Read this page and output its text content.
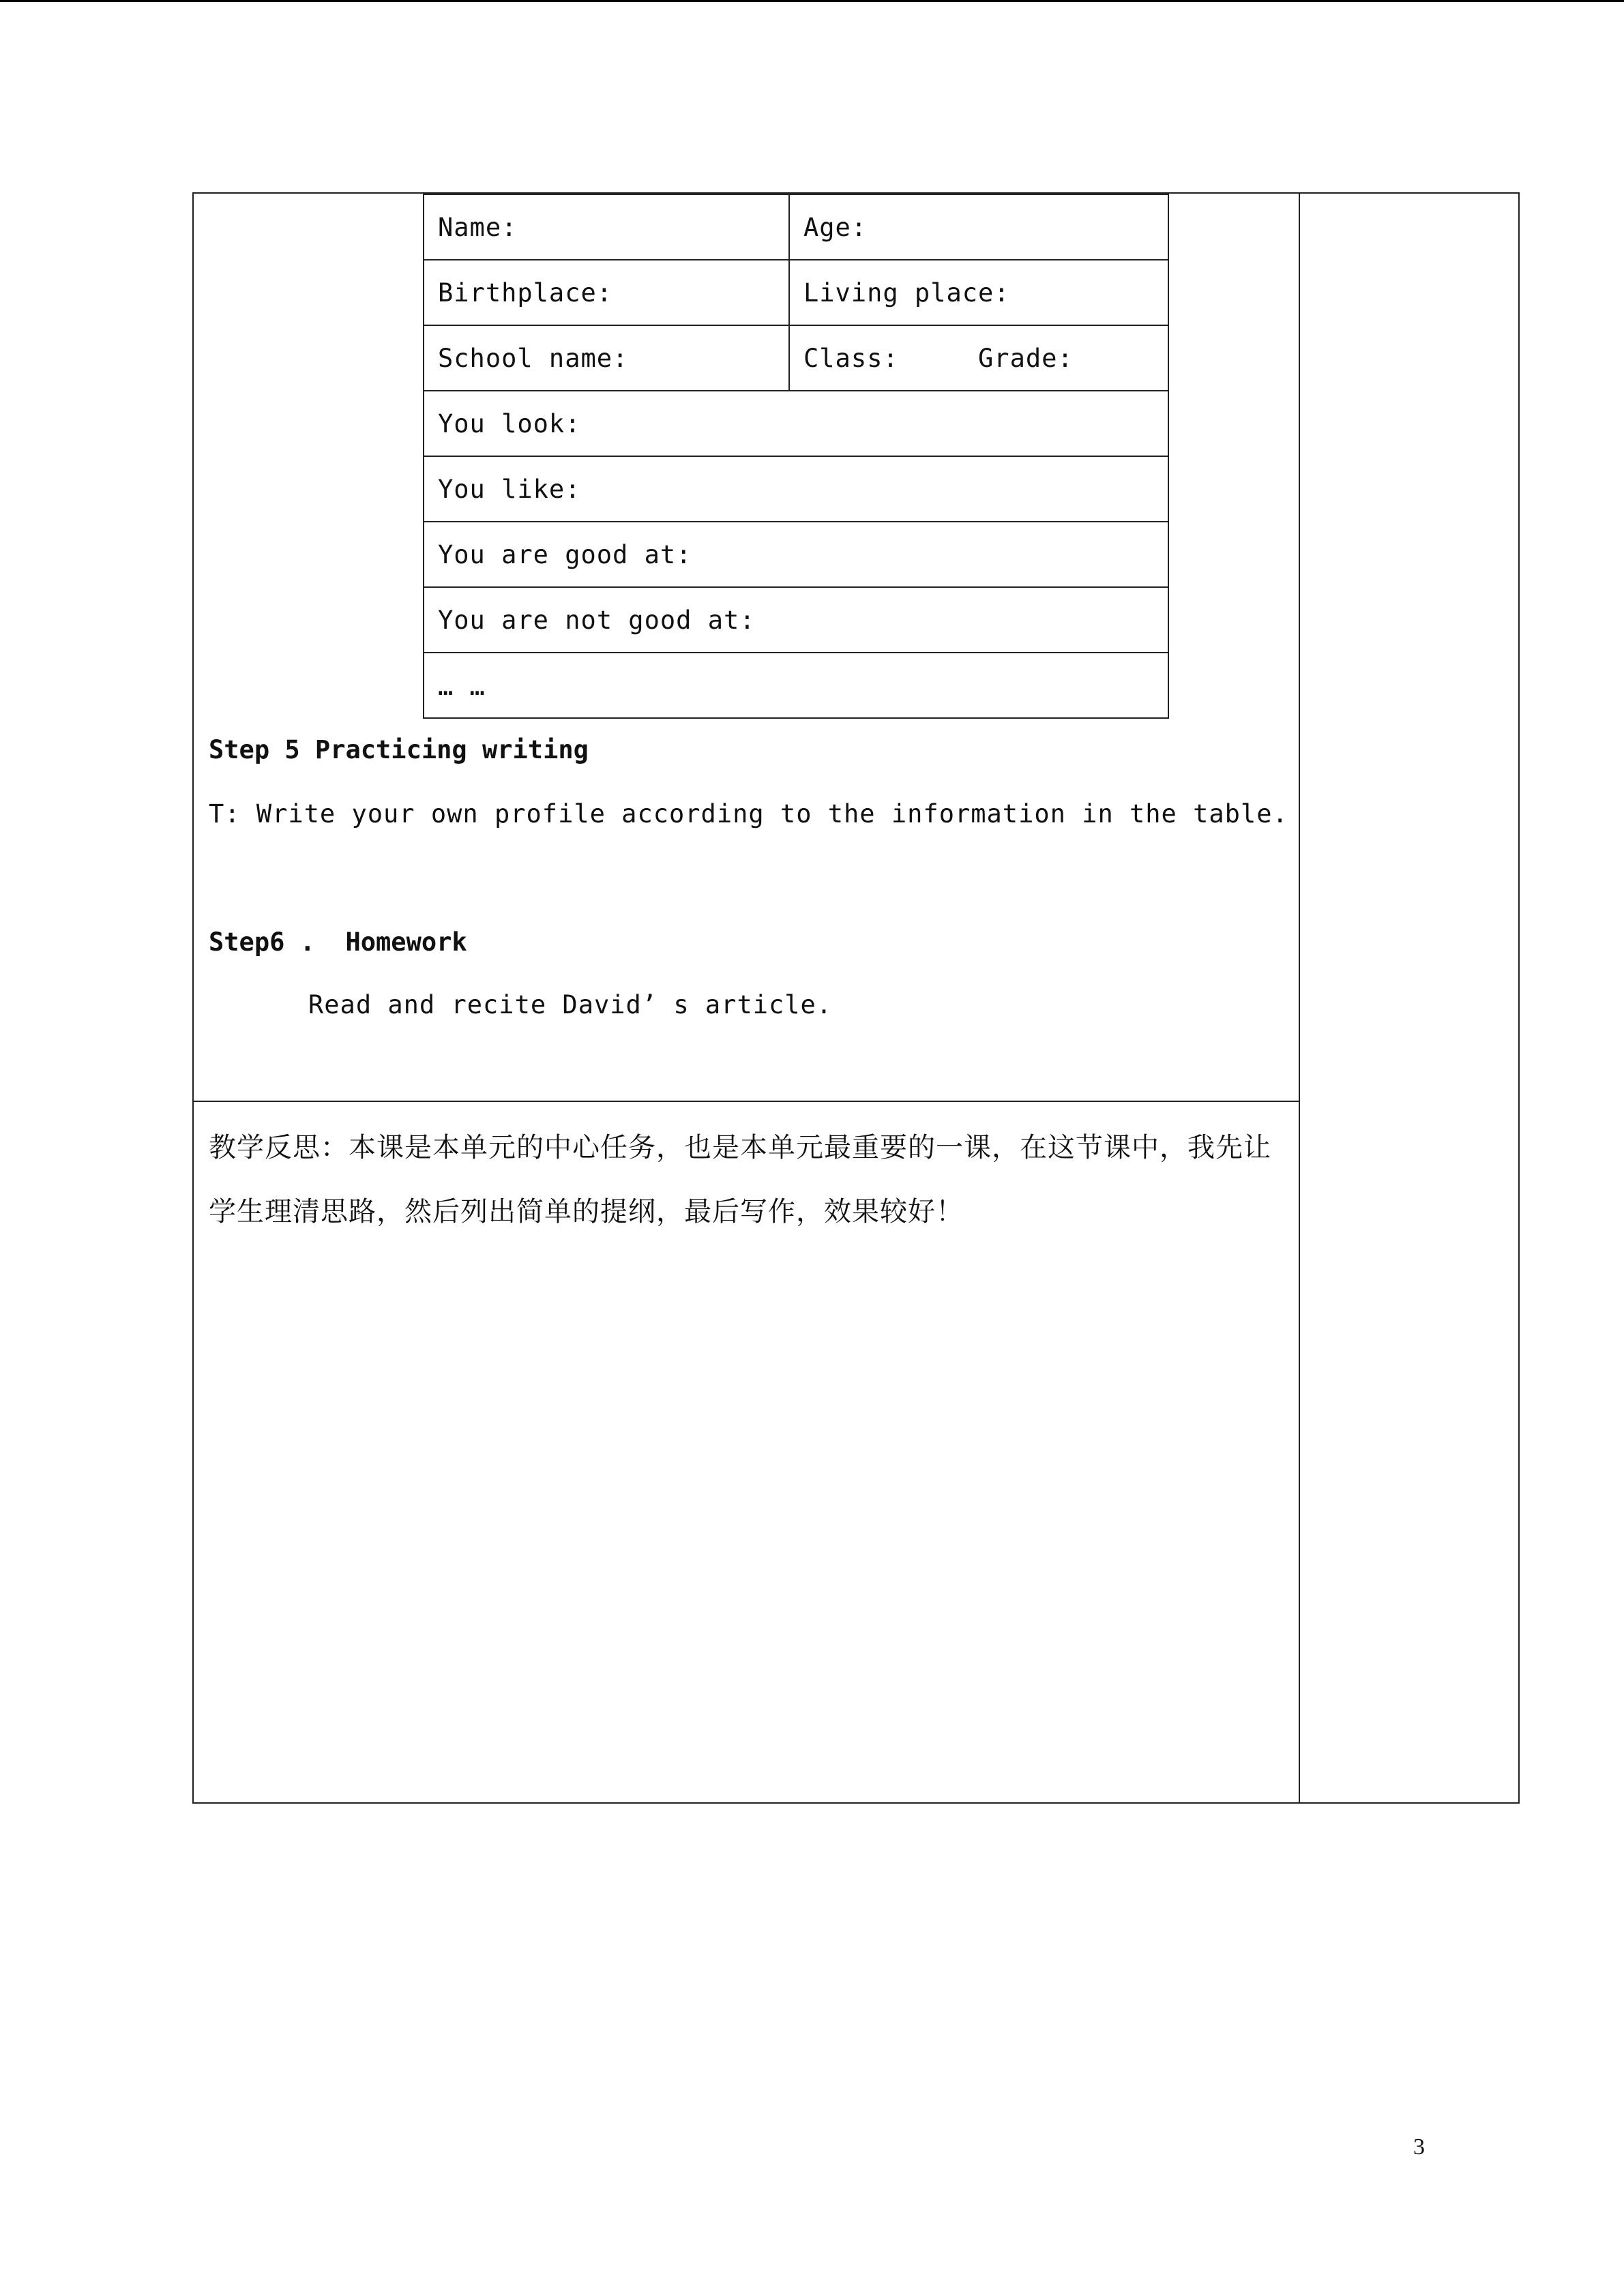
Name:	Age:
Birthplace:	Living place:
School name:	Class:     Grade:
You look:
You like:
You are good at:
You are not good at:
… …
Step 5 Practicing writing
T: Write your own profile according to the information in the table.
Step6 .  Homework
Read and recite David’ s article.
教学反思：本课是本单元的中心任务，也是本单元最重要的一课，在这节课中，我先让学生理清思路，然后列出简单的提纲，最后写作，效果较好！
3
